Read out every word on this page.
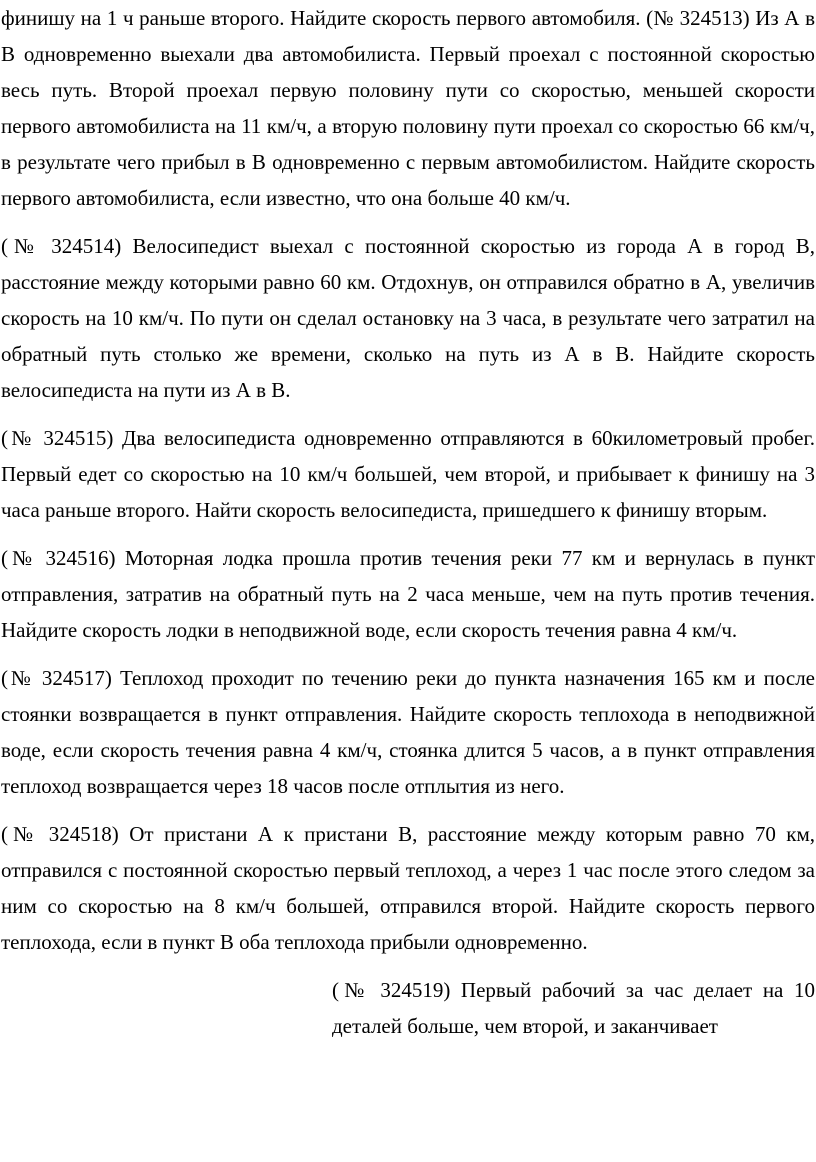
финишу на 1 ч раньше второго. Найдите скорость первого автомобиля. (№ 324513) Из А в В одновременно выехали два автомобилиста. Первый проехал с постоянной скоростью весь путь. Второй проехал первую половину пути со скоростью, меньшей скорости первого автомобилиста на 11 км/ч, а вторую половину пути проехал со скоростью 66 км/ч, в результате чего прибыл в В одновременно с первым автомобилистом. Найдите скорость первого автомобилиста, если известно, что она больше 40 км/ч.

(№ 324514) Велосипедист выехал с постоянной скоростью из города А в город В, расстояние между которыми равно 60 км. Отдохнув, он отправился обратно в А, увеличив скорость на 10 км/ч. По пути он сделал остановку на 3 часа, в результате чего затратил на обратный путь столько же времени, сколько на путь из А в В. Найдите скорость велосипедиста на пути из А в В.

(№ 324515) Два велосипедиста одновременно отправляются в 60километровый пробег. Первый едет со скоростью на 10 км/ч большей, чем второй, и прибывает к финишу на 3 часа раньше второго. Найти скорость велосипедиста, пришедшего к финишу вторым.

(№ 324516) Моторная лодка прошла против течения реки 77 км и вернулась в пункт отправления, затратив на обратный путь на 2 часа меньше, чем на путь против течения. Найдите скорость лодки в неподвижной воде, если скорость течения равна 4 км/ч.

(№ 324517) Теплоход проходит по течению реки до пункта назначения 165 км и после стоянки возвращается в пункт отправления. Найдите скорость теплохода в неподвижной воде, если скорость течения равна 4 км/ч, стоянка длится 5 часов, а в пункт отправления теплоход возвращается через 18 часов после отплытия из него.

(№ 324518) От пристани А к пристани В, расстояние между которым равно 70 км, отправился с постоянной скоростью первый теплоход, а через 1 час после этого следом за ним со скоростью на 8 км/ч большей, отправился второй. Найдите скорость первого теплохода, если в пункт В оба теплохода прибыли одновременно.

(№ 324519) Первый рабочий за час делает на 10 деталей больше, чем второй, и заканчивает
